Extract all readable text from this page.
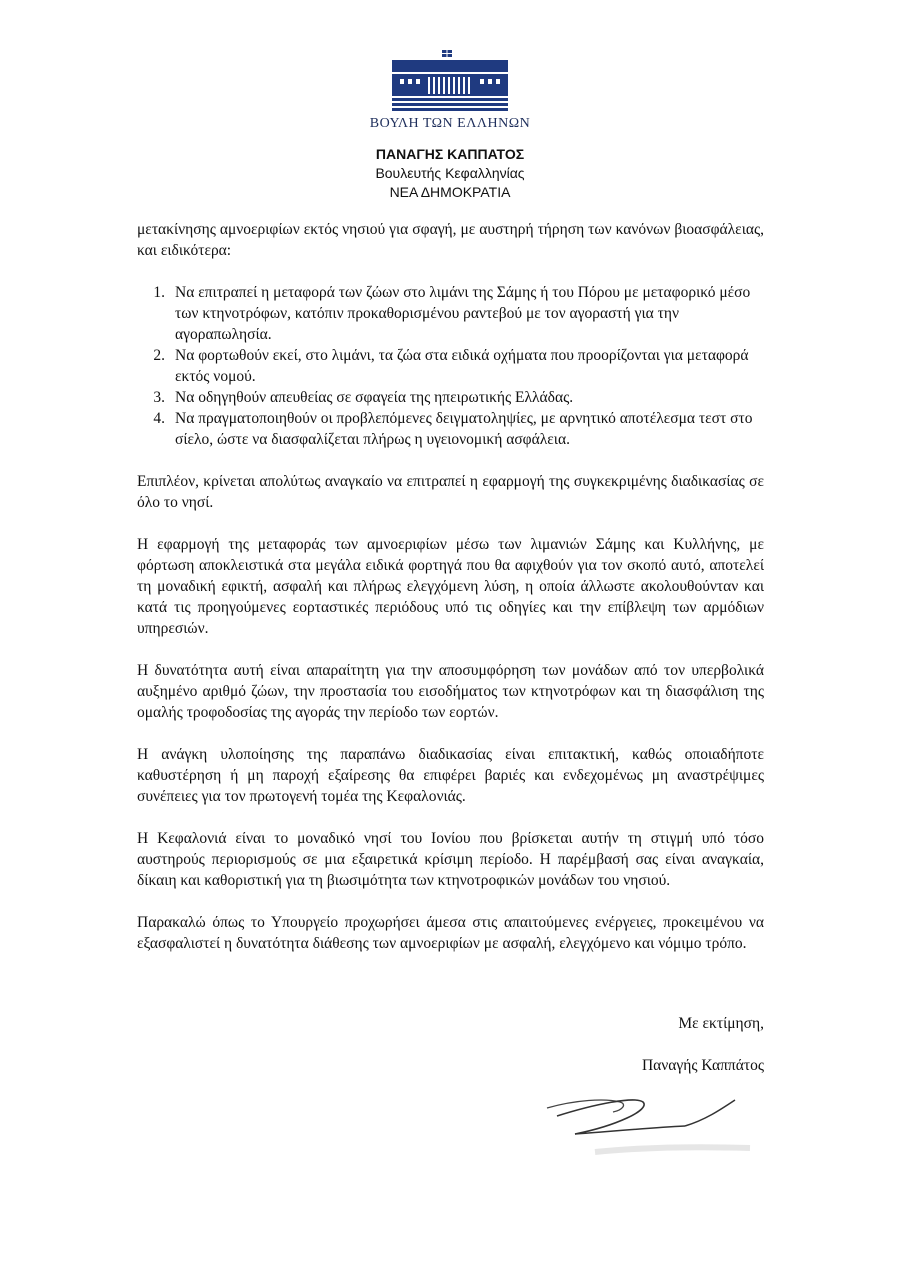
ΒΟΥΛΗ ΤΩΝ ΕΛΛΗΝΩΝ
ΠΑΝΑΓΗΣ ΚΑΠΠΑΤΟΣ
Βουλευτής Κεφαλληνίας
ΝΕΑ ΔΗΜΟΚΡΑΤΙΑ

μετακίνησης αμνοεριφίων εκτός νησιού για σφαγή, με αυστηρή τήρηση των κανόνων βιοασφάλειας, και ειδικότερα:

1. Να επιτραπεί η μεταφορά των ζώων στο λιμάνι της Σάμης ή του Πόρου με μεταφορικό μέσο των κτηνοτρόφων, κατόπιν προκαθορισμένου ραντεβού με τον αγοραστή για την αγοραπωλησία.
2. Να φορτωθούν εκεί, στο λιμάνι, τα ζώα στα ειδικά οχήματα που προορίζονται για μεταφορά εκτός νομού.
3. Να οδηγηθούν απευθείας σε σφαγεία της ηπειρωτικής Ελλάδας.
4. Να πραγματοποιηθούν οι προβλεπόμενες δειγματοληψίες, με αρνητικό αποτέλεσμα τεστ στο σίελο, ώστε να διασφαλίζεται πλήρως η υγειονομική ασφάλεια.

Επιπλέον, κρίνεται απολύτως αναγκαίο να επιτραπεί η εφαρμογή της συγκεκριμένης διαδικασίας σε όλο το νησί.

Η εφαρμογή της μεταφοράς των αμνοεριφίων μέσω των λιμανιών Σάμης και Κυλλήνης, με φόρτωση αποκλειστικά στα μεγάλα ειδικά φορτηγά που θα αφιχθούν για τον σκοπό αυτό, αποτελεί τη μοναδική εφικτή, ασφαλή και πλήρως ελεγχόμενη λύση, η οποία άλλωστε ακολουθούνταν και κατά τις προηγούμενες εορταστικές περιόδους υπό τις οδηγίες και την επίβλεψη των αρμόδιων υπηρεσιών.

Η δυνατότητα αυτή είναι απαραίτητη για την αποσυμφόρηση των μονάδων από τον υπερβολικά αυξημένο αριθμό ζώων, την προστασία του εισοδήματος των κτηνοτρόφων και τη διασφάλιση της ομαλής τροφοδοσίας της αγοράς την περίοδο των εορτών.

Η ανάγκη υλοποίησης της παραπάνω διαδικασίας είναι επιτακτική, καθώς οποιαδήποτε καθυστέρηση ή μη παροχή εξαίρεσης θα επιφέρει βαριές και ενδεχομένως μη αναστρέψιμες συνέπειες για τον πρωτογενή τομέα της Κεφαλονιάς.

Η Κεφαλονιά είναι το μοναδικό νησί του Ιονίου που βρίσκεται αυτήν τη στιγμή υπό τόσο αυστηρούς περιορισμούς σε μια εξαιρετικά κρίσιμη περίοδο. Η παρέμβασή σας είναι αναγκαία, δίκαιη και καθοριστική για τη βιωσιμότητα των κτηνοτροφικών μονάδων του νησιού.

Παρακαλώ όπως το Υπουργείο προχωρήσει άμεσα στις απαιτούμενες ενέργειες, προκειμένου να εξασφαλιστεί η δυνατότητα διάθεσης των αμνοεριφίων με ασφαλή, ελεγχόμενο και νόμιμο τρόπο.

Με εκτίμηση,
Παναγής Καππάτος
